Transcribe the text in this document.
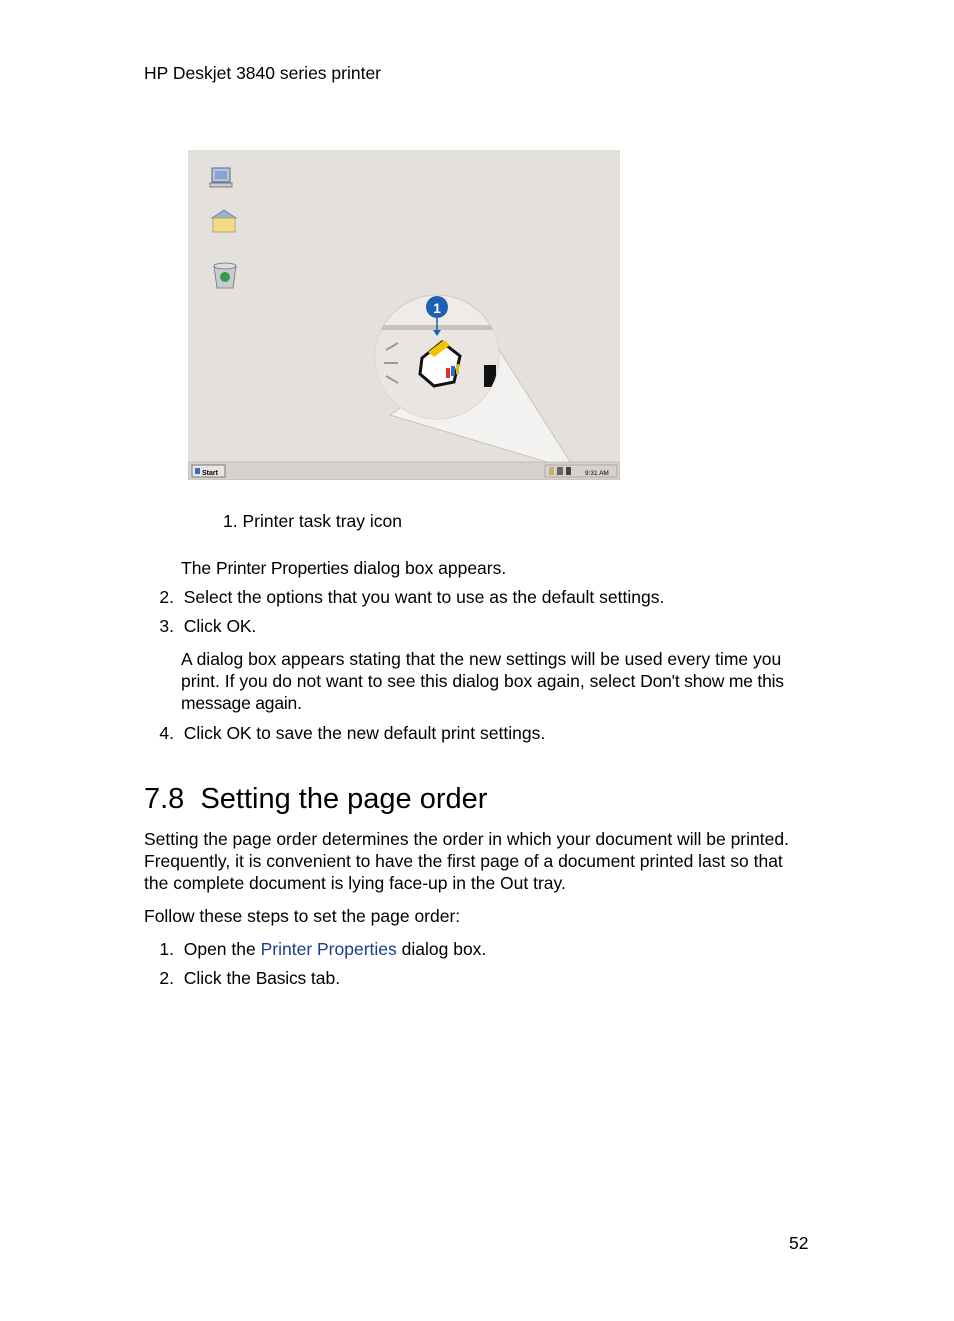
HP Deskjet 3840 series printer
1
Start	9:31 AM
1. Printer task tray icon
The Printer Properties dialog box appears.
2. Select the options that you want to use as the default settings.
3. Click OK.
A dialog box appears stating that the new settings will be used every time you
print. If you do not want to see this dialog box again, select Don't show me this
message again.
4. Click OK to save the new default print settings.
7.8 Setting the page order
Setting the page order determines the order in which your document will be printed.
Frequently, it is convenient to have the first page of a document printed last so that
the complete document is lying face-up in the Out tray.
Follow these steps to set the page order:
1. Open the Printer Properties dialog box.
2. Click the Basics tab.
52
